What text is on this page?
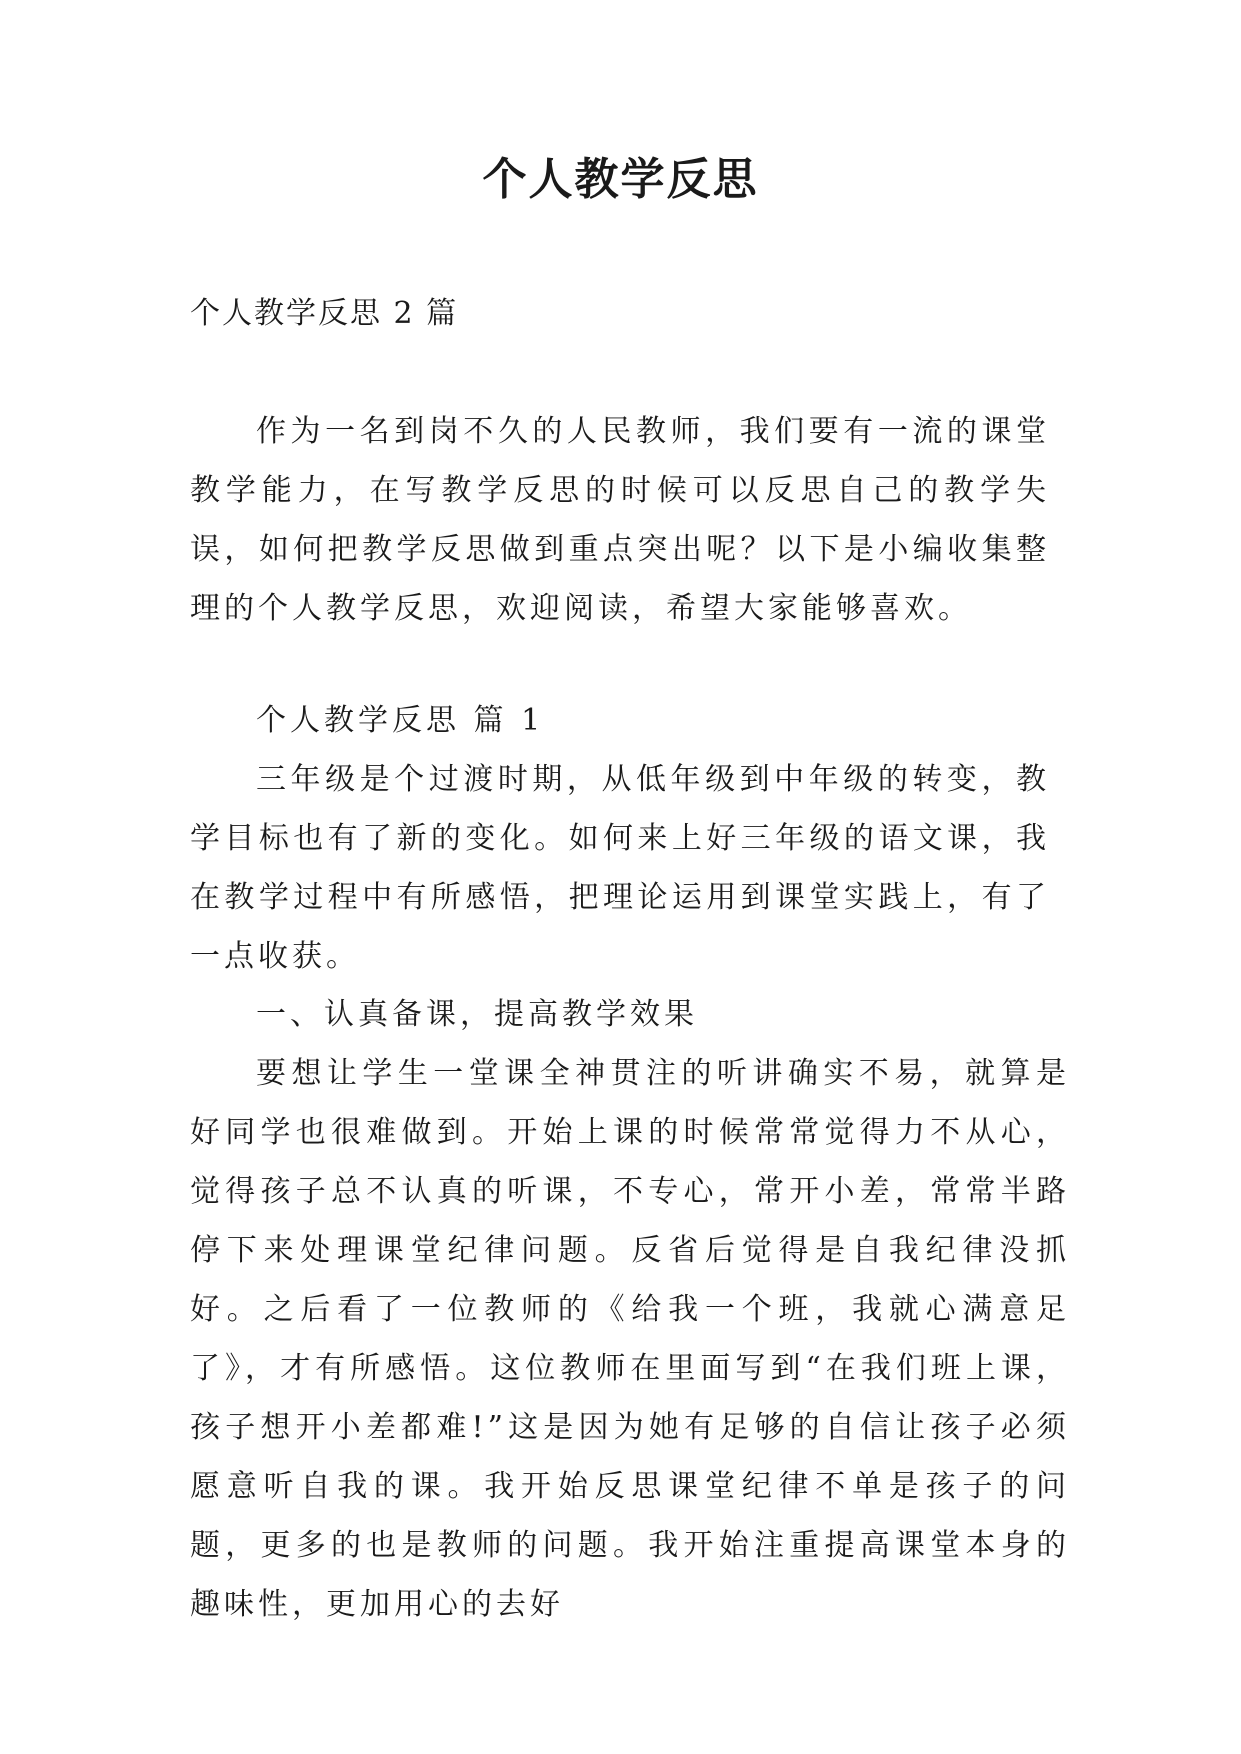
个人教学反思

个人教学反思 2 篇

作为一名到岗不久的人民教师，我们要有一流的课堂教学能力，在写教学反思的时候可以反思自己的教学失误，如何把教学反思做到重点突出呢？以下是小编收集整理的个人教学反思，欢迎阅读，希望大家能够喜欢。

个人教学反思 篇 1

三年级是个过渡时期，从低年级到中年级的转变，教学目标也有了新的变化。如何来上好三年级的语文课，我在教学过程中有所感悟，把理论运用到课堂实践上，有了一点收获。

一、认真备课，提高教学效果

要想让学生一堂课全神贯注的听讲确实不易，就算是好同学也很难做到。开始上课的时候常常觉得力不从心，觉得孩子总不认真的听课，不专心，常开小差，常常半路停下来处理课堂纪律问题。反省后觉得是自我纪律没抓好。之后看了一位教师的《给我一个班，我就心满意足了》，才有所感悟。这位教师在里面写到“在我们班上课，孩子想开小差都难!”这是因为她有足够的自信让孩子必须愿意听自我的课。我开始反思课堂纪律不单是孩子的问题，更多的也是教师的问题。我开始注重提高课堂本身的趣味性，更加用心的去好
